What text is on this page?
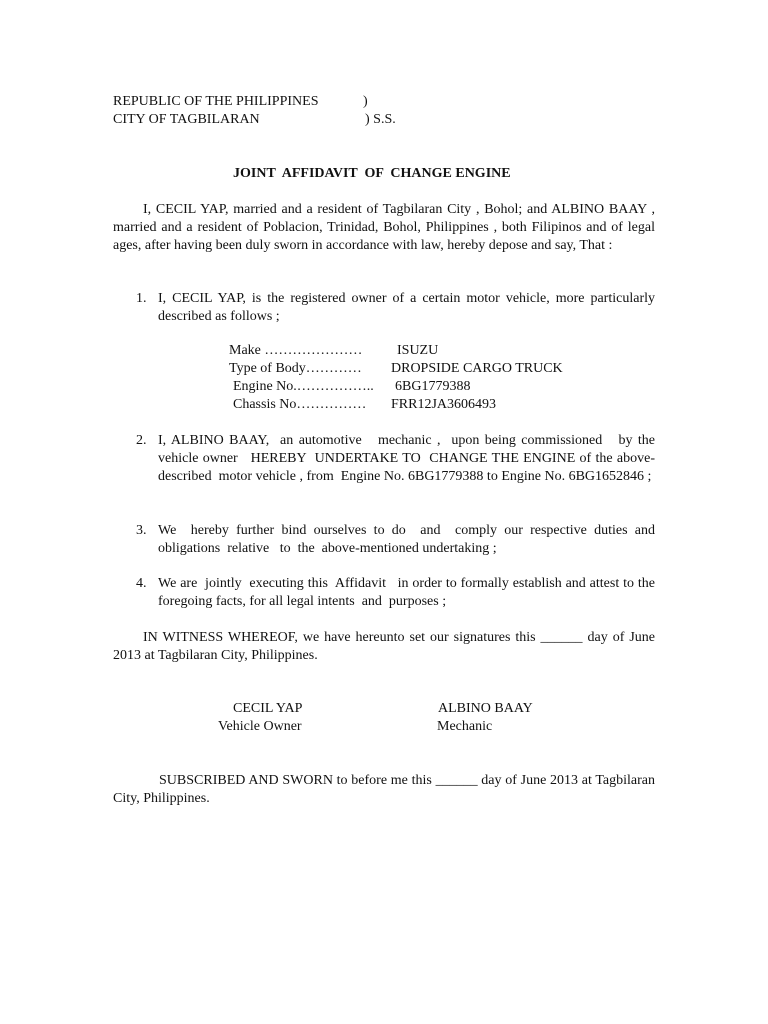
REPUBLIC OF THE PHILIPPINES	)
CITY OF TAGBILARAN	) S.S.
JOINT  AFFIDAVIT  OF  CHANGE ENGINE
I, CECIL YAP, married and a resident of Tagbilaran City , Bohol; and ALBINO BAAY , married and a resident of Poblacion, Trinidad, Bohol, Philippines , both Filipinos and of legal ages, after having been duly sworn in accordance with law, hereby depose and say, That :
1. I, CECIL YAP, is the registered owner of a certain motor vehicle, more particularly described as follows ;
Make ………………… ISUZU
Type of Body………… DROPSIDE CARGO TRUCK
Engine No.…………….. 6BG1779388
Chassis No…………… FRR12JA3606493
2. I, ALBINO BAAY,  an automotive   mechanic ,  upon being commissioned   by the vehicle owner   HEREBY  UNDERTAKE TO  CHANGE THE ENGINE of the above-described  motor vehicle , from  Engine No. 6BG1779388 to Engine No. 6BG1652846 ;
3. We  hereby further bind ourselves to do  and  comply our respective duties and obligations  relative   to  the  above-mentioned undertaking ;
4. We are  jointly  executing this  Affidavit   in order to formally establish and attest to the foregoing facts, for all legal intents  and  purposes ;
IN WITNESS WHEREOF, we have hereunto set our signatures this ______ day of June 2013 at Tagbilaran City, Philippines.
CECIL YAP
Vehicle Owner
ALBINO BAAY
Mechanic
SUBSCRIBED AND SWORN to before me this ______ day of June 2013 at Tagbilaran City, Philippines.
